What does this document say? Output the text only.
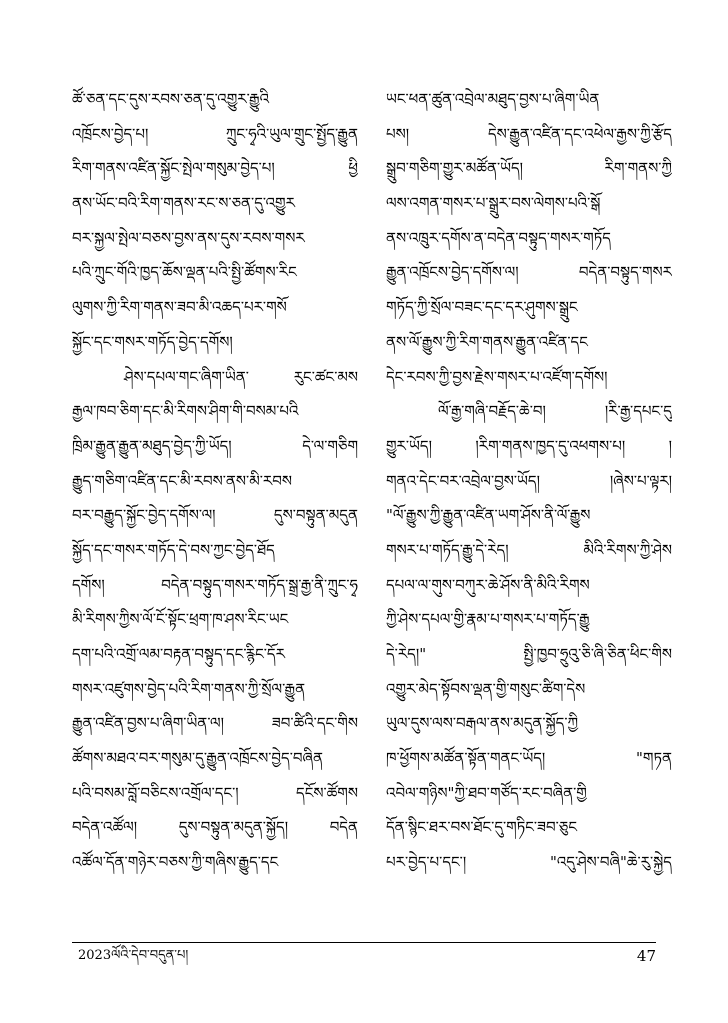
ཚོ་ཅན་དང་དུས་རབས་ཅན་དུ་འགྱུར་རྒྱུའི
འཁྲོངས་བྱེད་པ། ཀྲུང་ཧྭའི་ཡུལ་གྲུང་སྤྱོད་རྒྱུན
རིག་གནས་འཛིན་སྐྱོང་སྤེལ་གསུམ་བྱེད་པ། ཕྱི
ནས་ཡོང་བའི་རིག་གནས་རང་ས་ཅན་དུ་འགྱུར
བར་སྐྱལ་སྤེལ་བཅས་བྱས་ནས་དུས་རབས་གསར
པའི་ཀྲུང་གོའི་ཁྱད་ཆོས་ལྡན་པའི་སྤྱི་ཚོགས་རིང
ལུགས་ཀྱི་རིག་གནས་ཟབ་མི་འཆད་པར་གསོ
སྐྱོང་དང་གསར་གཏོད་བྱེད་དགོས།
ཤེས་དཔལ་གང་ཞིག་ཡིན་ རུང་ཚང་མས
རྒྱལ་ཁབ་ཅིག་དང་མི་རིགས་ཤིག་གི་བསམ་པའི
ཁྲིམ་རྒྱུན་རྒྱུན་མཐུད་བྱེད་ཀྱི་ཡོད། དེ་ལ་གཅིག
རྒྱུད་གཅིག་འཛིན་དང་མི་རབས་ནས་མི་རབས
བར་བརྒྱུད་སྐྱོང་བྱེད་དགོས་ལ། དུས་བསྟུན་མདུན
སྐྱོད་དང་གསར་གཏོད་དེ་བས་ཀྱང་བྱེད་ཐོད
དགོས། བདེན་བསྟུད་གསར་གཏོད་སྒྲ་རྒྱ་ནི་ཀྲུང་ཧྭ
མི་རིགས་ཀྱིས་ལོ་ངོ་སྟོང་ཕྲག་ཁ་ཤས་རིང་ཡང
དག་པའི་འགྲོ་ལམ་བརྟན་བསྟུད་དང་རྙིང་དོར
གསར་འཛུགས་བྱེད་པའི་རིག་གནས་ཀྱི་སྲོལ་རྒྱུན
རྒྱུན་འཛིན་བྱས་པ་ཞིག་ཡིན་ལ། ཟབ་ཚིའི་དང་གིས
ཚོགས་མཐའ་བར་གསུམ་དུ་རྒྱུན་འཁྲོངས་བྱེད་བཞིན
པའི་བསམ་བློ་བཅིངས་འགྲོལ་དང་། དངོས་ཚོགས
བདེན་འཚོལ། དུས་བསྟུན་མདུན་སྐྱོད། བདེན
འཚོལ་དོན་གཉེར་བཅས་ཀྱི་གཞིས་རྒྱུད་དང
ཡང་ཕན་ཚུན་འབྲེལ་མཐུད་བྱས་པ་ཞིག་ཡིན
པས། དེས་རྒྱུན་འཛིན་དང་འཕེལ་རྒྱས་ཀྱི་རྩོད
སྒྲུབ་གཅིག་གྱུར་མཚོན་ཡོད། རིག་གནས་ཀྱི
ལས་འགན་གསར་པ་སྒྲུར་བས་ལེགས་པའི་སྒོ
ནས་འཁྲུར་དགོས་ན་བདེན་བསྟུད་གསར་གཏོད
རྒྱུན་འཁྲོངས་བྱེད་དགོས་ལ། བདེན་བསྟུད་གསར
གཏོད་ཀྱི་སྲོལ་བཟང་དང་དར་ཤུགས་སྒྲུང
ནས་ལོ་རྒྱུས་ཀྱི་རིག་གནས་རྒྱུན་འཛིན་དང
དེང་རབས་ཀྱི་བྱས་རྗེས་གསར་པ་འཛོག་དགོས།
ལོ་རྒྱ་གཞི་བརྗོད་ཆེ་བ། །རི་རྒྱ་དཔང་དུ
གྱུར་ཡོད། །རིག་གནས་ཁྱད་དུ་འཕགས་པ། །
གནའ་དེང་བར་འབྲེལ་བྱས་ཡོད། །ཞེས་པ་ལྟར།
"ལོ་རྒྱུས་ཀྱི་རྒྱུན་འཛིན་ཡག་ཤོས་ནི་ལོ་རྒྱུས
གསར་པ་གཏོད་རྒྱུ་དེ་རེད། མིའི་རིགས་ཀྱི་ཤེས
དཔལ་ལ་གུས་བཀུར་ཆེ་ཤོས་ནི་མིའི་རིགས
ཀྱི་ཤེས་དཔལ་གྱི་རྣམ་པ་གསར་པ་གཏོད་རྒྱུ
དེ་རེད།" སྤྱི་ཁྱབ་ཧྲུའུ་ཅི་ཞི་ཅིན་ཕིང་གིས
འགྱུར་མེད་སྟོབས་ལྡན་གྱི་གསུང་ཚིག་དེས
ཡུལ་དུས་ལས་བརྒལ་ནས་མདུན་སྐྱོད་ཀྱི
ཁ་ཕྱོགས་མཚོན་སྟོན་གནང་ཡོད། "གཏན
འབེལ་གཉིས"ཀྱི་ཐབ་གཙོད་རང་བཞིན་གྱི
དོན་སྙིང་ཐར་བས་ཐོང་དུ་གཏིང་ཟབ་ཅུང
པར་བྱེད་པ་དང་། "འདུ་ཤེས་བཞི"ཆེ་རུ་སྐྱེད
2023ལོའི་དེབ་བདུན་པ།	47
